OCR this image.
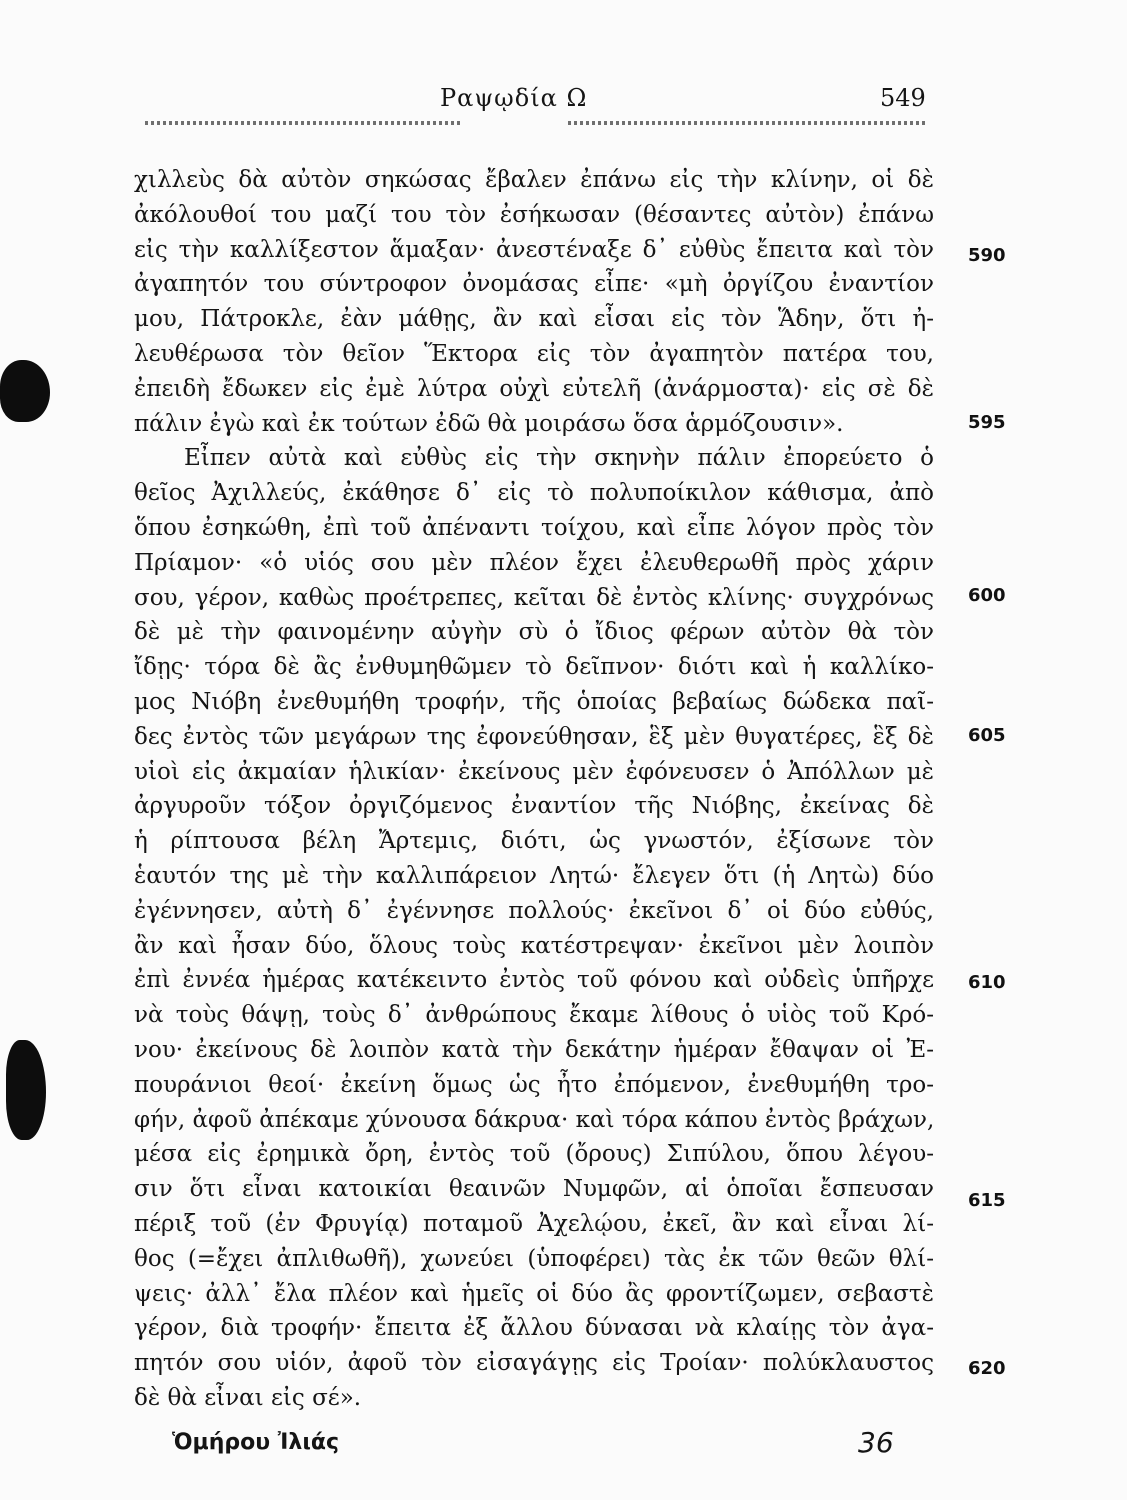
Ραψῳδία Ω	549
χιλλεὺς δὰ αὐτὸν σηκώσας ἔβαλεν ἐπάνω εἰς τὴν κλίνην, οἱ δὲ
ἀκόλουθοί του μαζί του τὸν ἐσήκωσαν (θέσαντες αὐτὸν) ἐπάνω
εἰς τὴν καλλίξεστον ἅμαξαν· ἀνεστέναξε δ᾽ εὐθὺς ἔπειτα καὶ τὸν
ἀγαπητόν του σύντροφον ὀνομάσας εἶπε· «μὴ ὀργίζου ἐναντίον
μου, Πάτροκλε, ἐὰν μάθῃς, ἂν καὶ εἶσαι εἰς τὸν Ἅδην, ὅτι ἠ-
λευθέρωσα τὸν θεῖον Ἕκτορα εἰς τὸν ἀγαπητὸν πατέρα του,
ἐπειδὴ ἔδωκεν εἰς ἐμὲ λύτρα οὐχὶ εὐτελῆ (ἀνάρμοστα)· εἰς σὲ δὲ
πάλιν ἐγὼ καὶ ἐκ τούτων ἐδῶ θὰ μοιράσω ὅσα ἁρμόζουσιν».
Εἶπεν αὐτὰ καὶ εὐθὺς εἰς τὴν σκηνὴν πάλιν ἐπορεύετο ὁ
θεῖος Ἀχιλλεύς, ἐκάθησε δ᾽ εἰς τὸ πολυποίκιλον κάθισμα, ἀπὸ
ὅπου ἐσηκώθη, ἐπὶ τοῦ ἀπέναντι τοίχου, καὶ εἶπε λόγον πρὸς τὸν
Πρίαμον· «ὁ υἱός σου μὲν πλέον ἔχει ἐλευθερωθῆ πρὸς χάριν
σου, γέρον, καθὼς προέτρεπες, κεῖται δὲ ἐντὸς κλίνης· συγχρόνως
δὲ μὲ τὴν φαινομένην αὐγὴν σὺ ὁ ἴδιος φέρων αὐτὸν θὰ τὸν
ἴδῃς· τόρα δὲ ἂς ἐνθυμηθῶμεν τὸ δεῖπνον· διότι καὶ ἡ καλλίκο-
μος Νιόβη ἐνεθυμήθη τροφήν, τῆς ὁποίας βεβαίως δώδεκα παῖ-
δες ἐντὸς τῶν μεγάρων της ἐφονεύθησαν, ἓξ μὲν θυγατέρες, ἓξ δὲ
υἱοὶ εἰς ἀκμαίαν ἡλικίαν· ἐκείνους μὲν ἐφόνευσεν ὁ Ἀπόλλων μὲ
ἀργυροῦν τόξον ὀργιζόμενος ἐναντίον τῆς Νιόβης, ἐκείνας δὲ
ἡ ρίπτουσα βέλη Ἄρτεμις, διότι, ὡς γνωστόν, ἐξίσωνε τὸν
ἑαυτόν της μὲ τὴν καλλιπάρειον Λητώ· ἔλεγεν ὅτι (ἡ Λητὼ) δύο
ἐγέννησεν, αὐτὴ δ᾽ ἐγέννησε πολλούς· ἐκεῖνοι δ᾽ οἱ δύο εὐθύς,
ἂν καὶ ἦσαν δύο, ὅλους τοὺς κατέστρεψαν· ἐκεῖνοι μὲν λοιπὸν
ἐπὶ ἐννέα ἡμέρας κατέκειντο ἐντὸς τοῦ φόνου καὶ οὐδεὶς ὑπῆρχε
νὰ τοὺς θάψῃ, τοὺς δ᾽ ἀνθρώπους ἔκαμε λίθους ὁ υἱὸς τοῦ Κρό-
νου· ἐκείνους δὲ λοιπὸν κατὰ τὴν δεκάτην ἡμέραν ἔθαψαν οἱ Ἐ-
πουράνιοι θεοί· ἐκείνη ὅμως ὡς ἦτο ἐπόμενον, ἐνεθυμήθη τρο-
φήν, ἀφοῦ ἀπέκαμε χύνουσα δάκρυα· καὶ τόρα κάπου ἐντὸς βράχων,
μέσα εἰς ἐρημικὰ ὄρη, ἐντὸς τοῦ (ὄρους) Σιπύλου, ὅπου λέγου-
σιν ὅτι εἶναι κατοικίαι θεαινῶν Νυμφῶν, αἱ ὁποῖαι ἔσπευσαν
πέριξ τοῦ (ἐν Φρυγίᾳ) ποταμοῦ Ἀχελῴου, ἐκεῖ, ἂν καὶ εἶναι λί-
θος (=ἔχει ἀπλιθωθῆ), χωνεύει (ὑποφέρει) τὰς ἐκ τῶν θεῶν θλί-
ψεις· ἀλλ᾽ ἔλα πλέον καὶ ἡμεῖς οἱ δύο ἂς φροντίζωμεν, σεβαστὲ
γέρον, διὰ τροφήν· ἔπειτα ἐξ ἄλλου δύνασαι νὰ κλαίῃς τὸν ἀγα-
πητόν σου υἱόν, ἀφοῦ τὸν εἰσαγάγῃς εἰς Τροίαν· πολύκλαυστος
δὲ θὰ εἶναι εἰς σέ».
590
595
600
605
610
615
620
Ὁμήρου Ἰλιάς	36
